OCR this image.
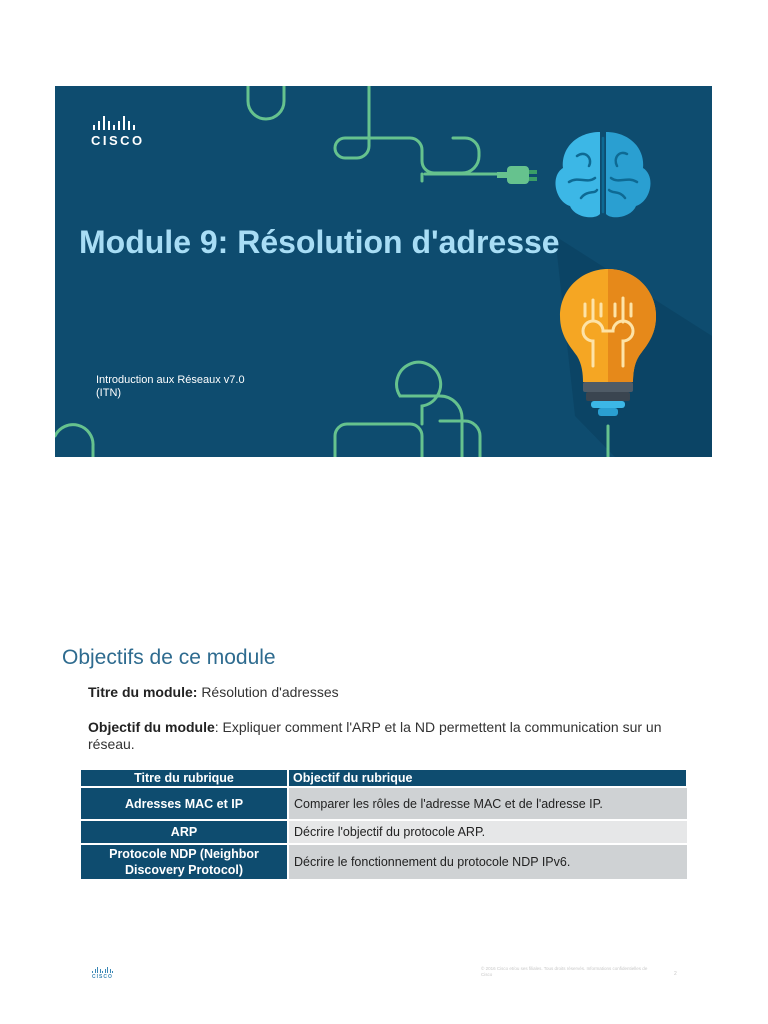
CISCO
Module 9: Résolution d'adresse
Introduction aux Réseaux v7.0
(ITN)
Objectifs de ce module
Titre du module: Résolution d'adresses
Objectif du module: Expliquer comment l'ARP et la ND permettent la communication sur un réseau.
Titre du rubrique	Objectif du rubrique
Adresses MAC et IP	Comparer les rôles de l'adresse MAC et de l'adresse IP.
ARP	Décrire l'objectif du protocole ARP.
Protocole NDP (Neighbor Discovery Protocol)	Décrire le fonctionnement du protocole NDP IPv6.
CISCO
© 2016 Cisco et/ou ses filiales. Tous droits réservés. Informations confidentielles de Cisco	2
